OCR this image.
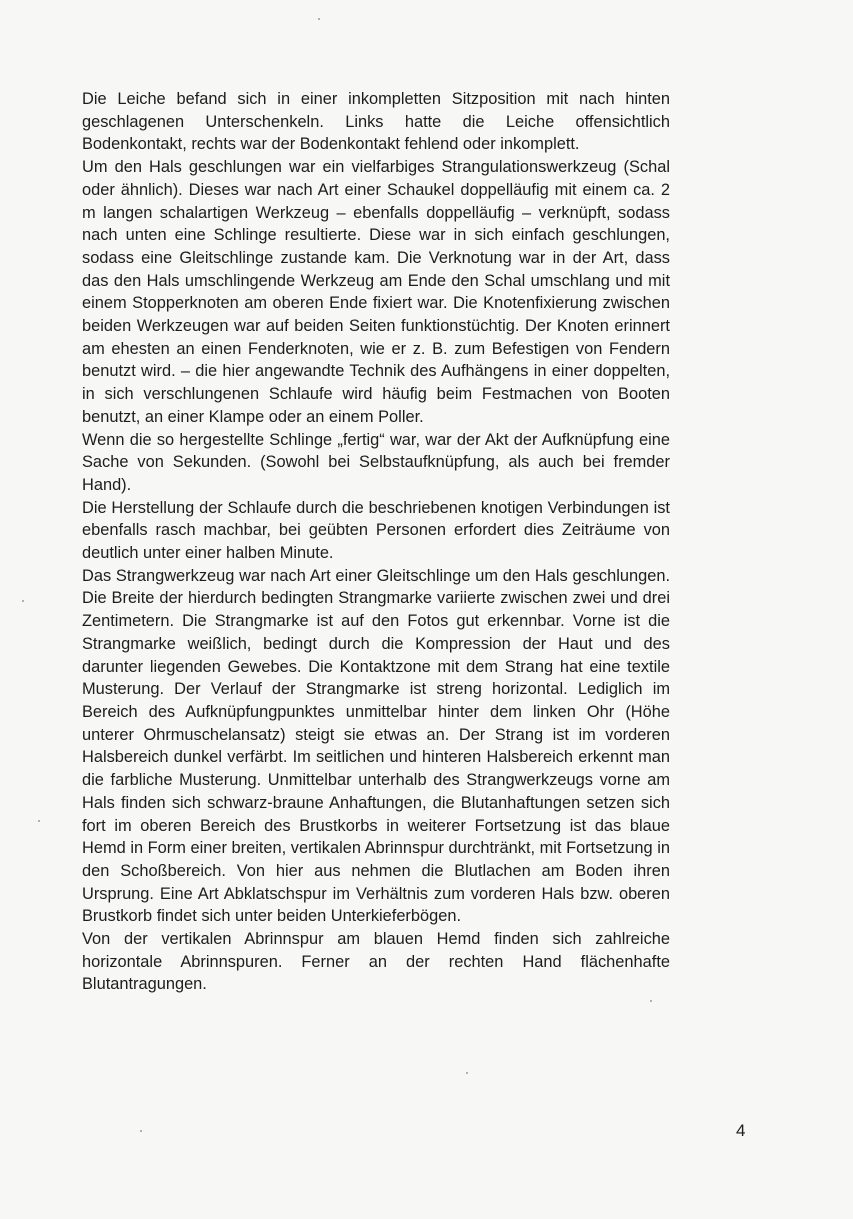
Die Leiche befand sich in einer inkompletten Sitzposition mit nach hinten geschlagenen Unterschenkeln. Links hatte die Leiche offensichtlich Bodenkontakt, rechts war der Bodenkontakt fehlend oder inkomplett.

Um den Hals geschlungen war ein vielfarbiges Strangulationswerkzeug (Schal oder ähnlich). Dieses war nach Art einer Schaukel doppelläufig mit einem ca. 2 m langen schalartigen Werkzeug – ebenfalls doppelläufig – verknüpft, sodass nach unten eine Schlinge resultierte. Diese war in sich einfach geschlungen, sodass eine Gleitschlinge zustande kam. Die Verknotung war in der Art, dass das den Hals umschlingende Werkzeug am Ende den Schal umschlang und mit einem Stopperknoten am oberen Ende fixiert war. Die Knotenfixierung zwischen beiden Werkzeugen war auf beiden Seiten funktionstüchtig. Der Knoten erinnert am ehesten an einen Fenderknoten, wie er z. B. zum Befestigen von Fendern benutzt wird. – die hier angewandte Technik des Aufhängens in einer doppelten, in sich verschlungenen Schlaufe wird häufig beim Festmachen von Booten benutzt, an einer Klampe oder an einem Poller.

Wenn die so hergestellte Schlinge „fertig“ war, war der Akt der Aufknüpfung eine Sache von Sekunden. (Sowohl bei Selbstaufknüpfung, als auch bei fremder Hand).

Die Herstellung der Schlaufe durch die beschriebenen knotigen Verbindungen ist ebenfalls rasch machbar, bei geübten Personen erfordert dies Zeiträume von deutlich unter einer halben Minute.

Das Strangwerkzeug war nach Art einer Gleitschlinge um den Hals geschlungen. Die Breite der hierdurch bedingten Strangmarke variierte zwischen zwei und drei Zentimetern. Die Strangmarke ist auf den Fotos gut erkennbar. Vorne ist die Strangmarke weißlich, bedingt durch die Kompression der Haut und des darunter liegenden Gewebes. Die Kontaktzone mit dem Strang hat eine textile Musterung. Der Verlauf der Strangmarke ist streng horizontal. Lediglich im Bereich des Aufknüpfungpunktes unmittelbar hinter dem linken Ohr (Höhe unterer Ohrmuschelansatz) steigt sie etwas an. Der Strang ist im vorderen Halsbereich dunkel verfärbt. Im seitlichen und hinteren Halsbereich erkennt man die farbliche Musterung. Unmittelbar unterhalb des Strangwerkzeugs vorne am Hals finden sich schwarz-braune Anhaftungen, die Blutanhaftungen setzen sich fort im oberen Bereich des Brustkorbs in weiterer Fortsetzung ist das blaue Hemd in Form einer breiten, vertikalen Abrinnspur durchtränkt, mit Fortsetzung in den Schoßbereich. Von hier aus nehmen die Blutlachen am Boden ihren Ursprung. Eine Art Abklatschspur im Verhältnis zum vorderen Hals bzw. oberen Brustkorb findet sich unter beiden Unterkieferbögen.

Von der vertikalen Abrinnspur am blauen Hemd finden sich zahlreiche horizontale Abrinnspuren. Ferner an der rechten Hand flächenhafte Blutantragungen.

4
